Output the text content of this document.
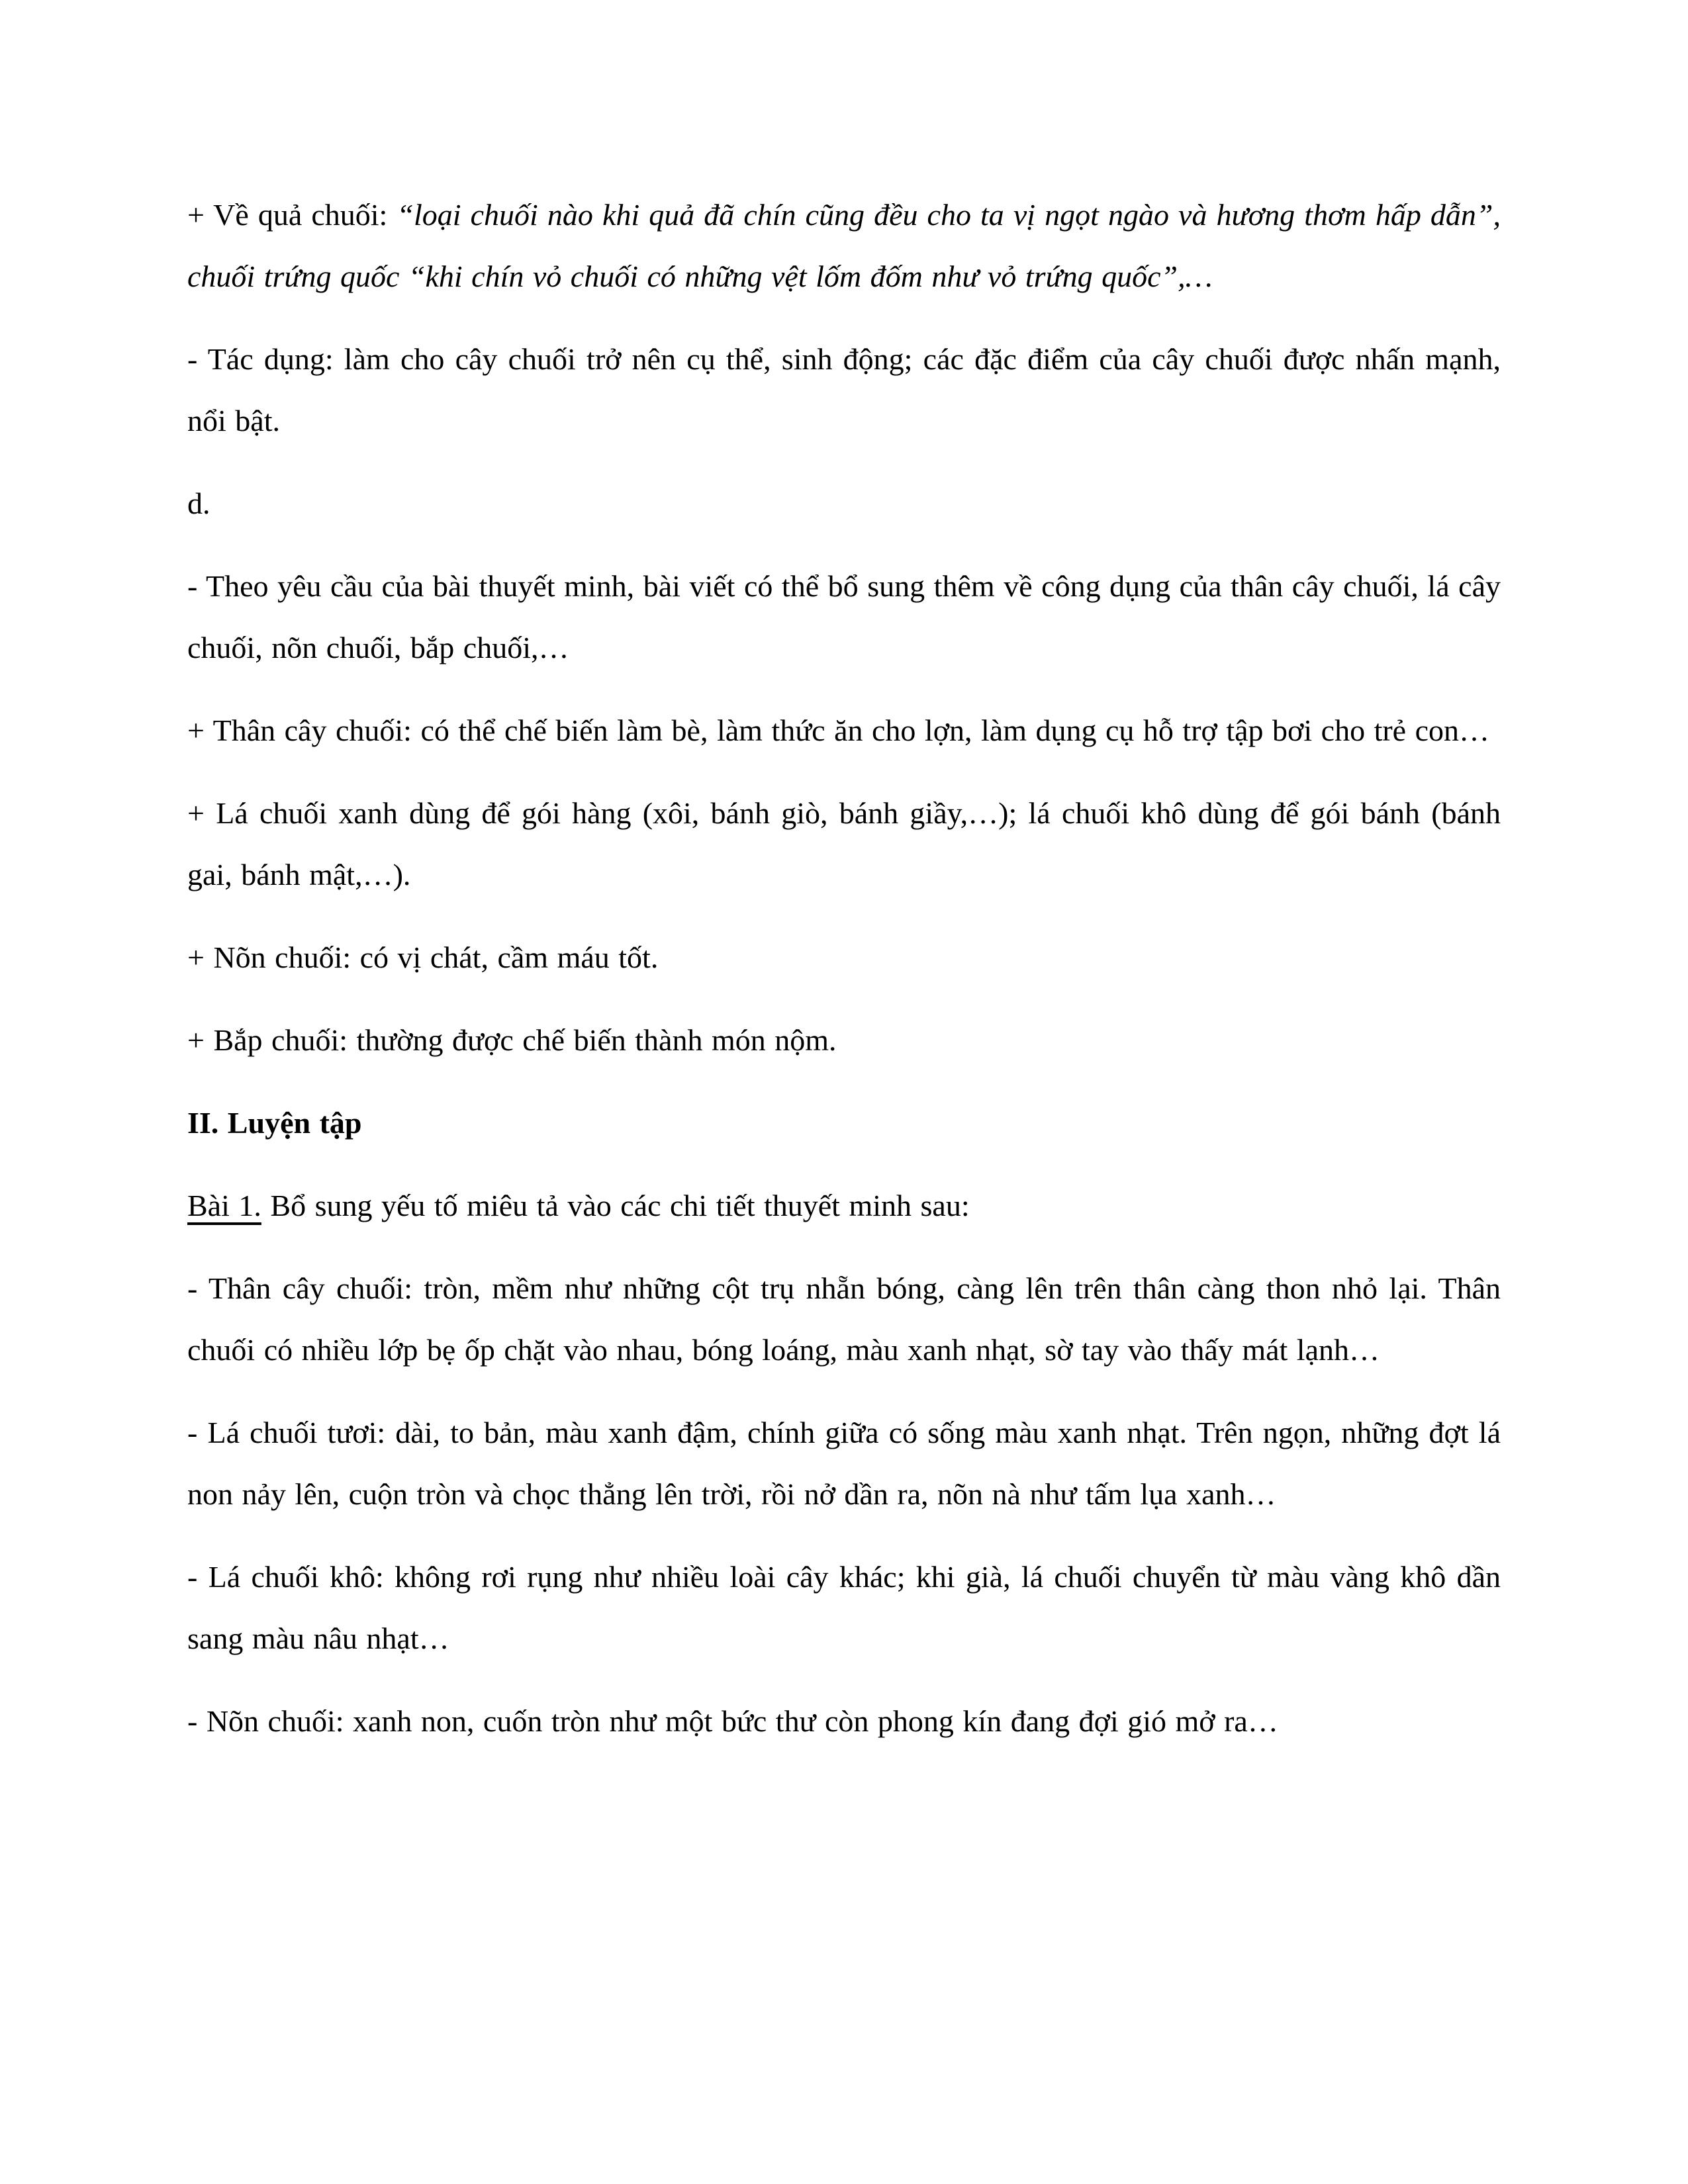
+ Về quả chuối: “loại chuối nào khi quả đã chín cũng đều cho ta vị ngọt ngào và hương thơm hấp dẫn”, chuối trứng quốc “khi chín vỏ chuối có những vệt lốm đốm như vỏ trứng quốc”,…

- Tác dụng: làm cho cây chuối trở nên cụ thể, sinh động; các đặc điểm của cây chuối được nhấn mạnh, nổi bật.

d.

- Theo yêu cầu của bài thuyết minh, bài viết có thể bổ sung thêm về công dụng của thân cây chuối, lá cây chuối, nõn chuối, bắp chuối,…

+ Thân cây chuối: có thể chế biến làm bè, làm thức ăn cho lợn, làm dụng cụ hỗ trợ tập bơi cho trẻ con…

+ Lá chuối xanh dùng để gói hàng (xôi, bánh giò, bánh giầy,…); lá chuối khô dùng để gói bánh (bánh gai, bánh mật,…).

+ Nõn chuối: có vị chát, cầm máu tốt.

+ Bắp chuối: thường được chế biến thành món nộm.

II. Luyện tập

Bài 1. Bổ sung yếu tố miêu tả vào các chi tiết thuyết minh sau:

- Thân cây chuối: tròn, mềm như những cột trụ nhẵn bóng, càng lên trên thân càng thon nhỏ lại. Thân chuối có nhiều lớp bẹ ốp chặt vào nhau, bóng loáng, màu xanh nhạt, sờ tay vào thấy mát lạnh…

- Lá chuối tươi: dài, to bản, màu xanh đậm, chính giữa có sống màu xanh nhạt. Trên ngọn, những đợt lá non nảy lên, cuộn tròn và chọc thẳng lên trời, rồi nở dần ra, nõn nà như tấm lụa xanh…

- Lá chuối khô: không rơi rụng như nhiều loài cây khác; khi già, lá chuối chuyển từ màu vàng khô dần sang màu nâu nhạt…

- Nõn chuối: xanh non, cuốn tròn như một bức thư còn phong kín đang đợi gió mở ra…
